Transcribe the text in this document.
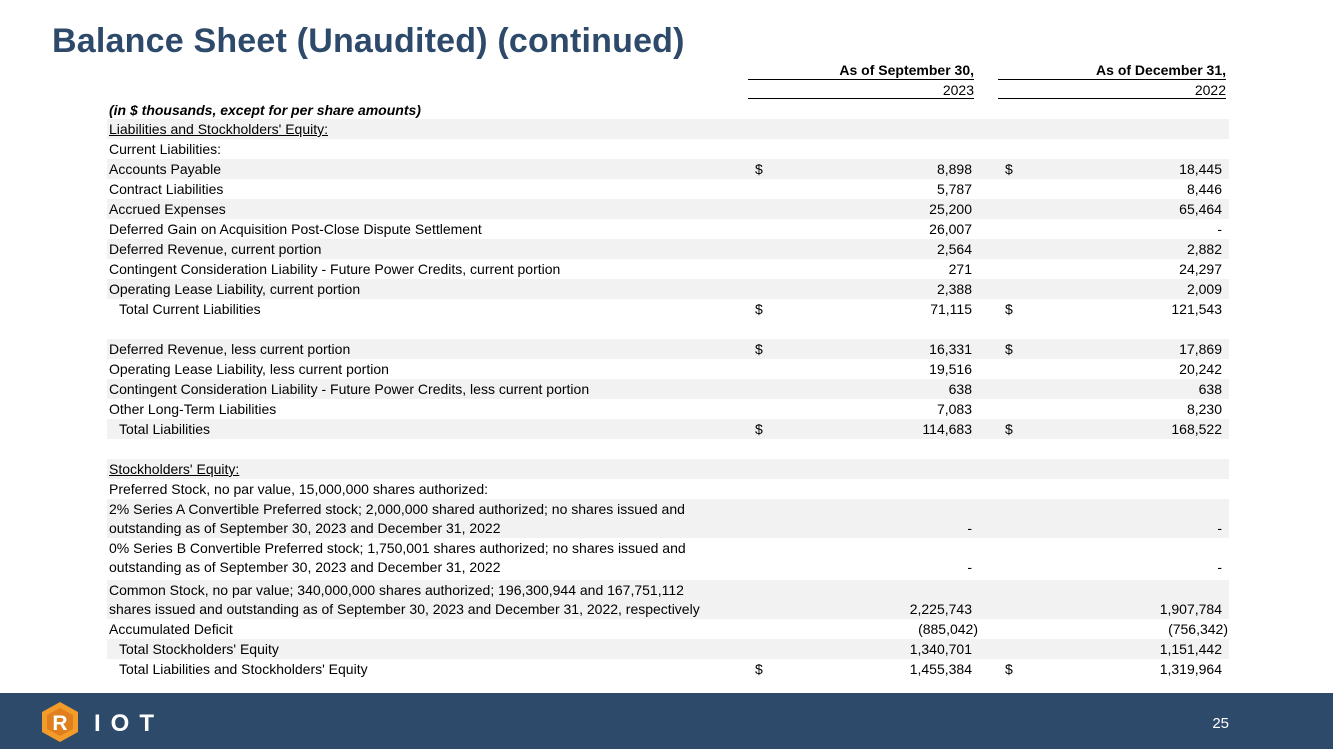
Balance Sheet (Unaudited) (continued)
As of September 30,
2023
As of December 31,
2022
(in $ thousands, except for per share amounts)
Liabilities and Stockholders' Equity:
Current Liabilities:
Accounts Payable	$	8,898 $	18,445
Contract Liabilities	5,787	8,446
Accrued Expenses	25,200	65,464
Deferred Gain on Acquisition Post-Close Dispute Settlement	26,007	-
Deferred Revenue, current portion	2,564	2,882
Contingent Consideration Liability - Future Power Credits, current portion	271	24,297
Operating Lease Liability, current portion	2,388	2,009
Total Current Liabilities	$	71,115 $	121,543
Deferred Revenue, less current portion	$	16,331 $	17,869
Operating Lease Liability, less current portion	19,516	20,242
Contingent Consideration Liability - Future Power Credits, less current portion	638	638
Other Long-Term Liabilities	7,083	8,230
Total Liabilities	$	114,683 $	168,522
Stockholders' Equity:
Preferred Stock, no par value, 15,000,000 shares authorized:
2% Series A Convertible Preferred stock; 2,000,000 shared authorized; no shares issued and
outstanding as of September 30, 2023 and December 31, 2022	-	-
0% Series B Convertible Preferred stock; 1,750,001 shares authorized; no shares issued and
outstanding as of September 30, 2023 and December 31, 2022	-	-
Common Stock, no par value; 340,000,000 shares authorized; 196,300,944 and 167,751,112
shares issued and outstanding as of September 30, 2023 and December 31, 2022, respectively	2,225,743	1,907,784
Accumulated Deficit	(885,042)	(756,342)
Total Stockholders' Equity	1,340,701	1,151,442
Total Liabilities and Stockholders' Equity	$	1,455,384 $	1,319,964
R IOT	25
